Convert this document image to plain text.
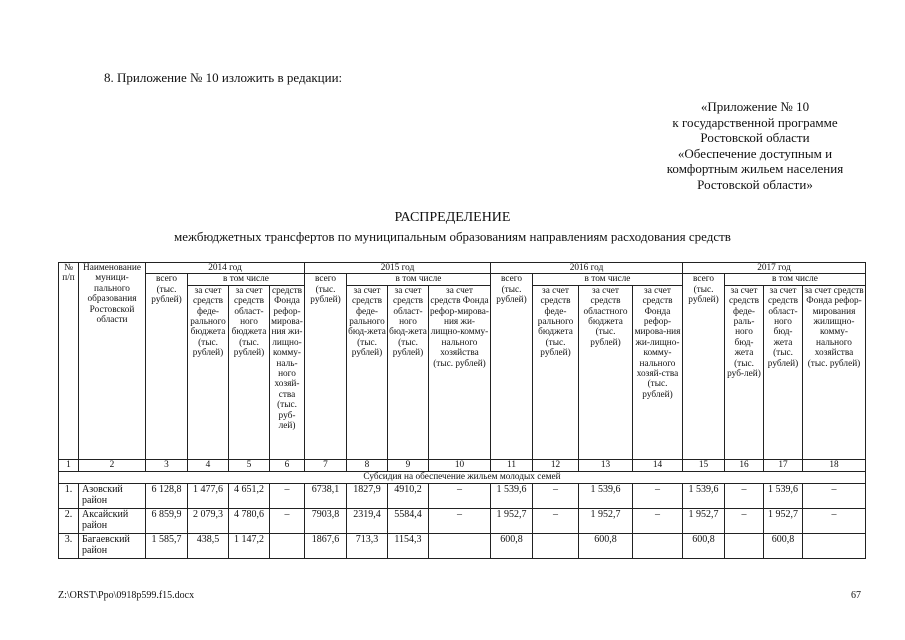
8. Приложение № 10 изложить в редакции:
«Приложение № 10
к государственной программе
Ростовской области
«Обеспечение доступным и
комфортным жильем населения
Ростовской области»
РАСПРЕДЕЛЕНИЕ
межбюджетных трансфертов по муниципальным образованиям направлениям расходования средств
№ п/п	Наименование муници-пального образования Ростовской области	2014 год				2015 год				2016 год				2017 год			
		всего (тыс. рублей)	в том числе			всего (тыс. рублей)	в том числе			всего (тыс. рублей)	в том числе			всего (тыс. рублей)	в том числе		
			за счет средств феде-рального бюджета (тыс. рублей)	за счет средств област-ного бюджета (тыс. рублей)	средств Фонда рефор-мирова-ния жи-лищно-комму-наль-ного хозяй-ства (тыс. руб-лей)		за счет средств феде-рального бюд-жета (тыс. рублей)	за счет средств област-ного бюд-жета (тыс. рублей)	за счет средств Фонда рефор-мирова-ния жи-лищно-комму-нального хозяйства (тыс. рублей)		за счет средств феде-рального бюджета (тыс. рублей)	за счет средств областного бюджета (тыс. рублей)	за счет средств Фонда рефор-мирова-ния жи-лищно-комму-нального хозяй-ства (тыс. рублей)		за счет средств феде-раль-ного бюд-жета (тыс. руб-лей)	за счет средств област-ного бюд-жета (тыс. рублей)	за счет средств Фонда рефор-мирования жилищно-комму-нального хозяйства (тыс. рублей)
1	2	3	4	5	6	7	8	9	10	11	12	13	14	15	16	17	18
Субсидия на обеспечение жильем молодых семей																	
1.	Азовский район	6 128,8	1 477,6	4 651,2	–	6738,1	1827,9	4910,2	–	1 539,6	–	1 539,6	–	1 539,6	–	1 539,6	–
2.	Аксайский район	6 859,9	2 079,3	4 780,6	–	7903,8	2319,4	5584,4	–	1 952,7	–	1 952,7	–	1 952,7	–	1 952,7	–
3.	Багаевский район	1 585,7	438,5	1 147,2		1867,6	713,3	1154,3		600,8		600,8		600,8		600,8	
Z:\ORST\Ppo\0918p599.f15.docx	67
